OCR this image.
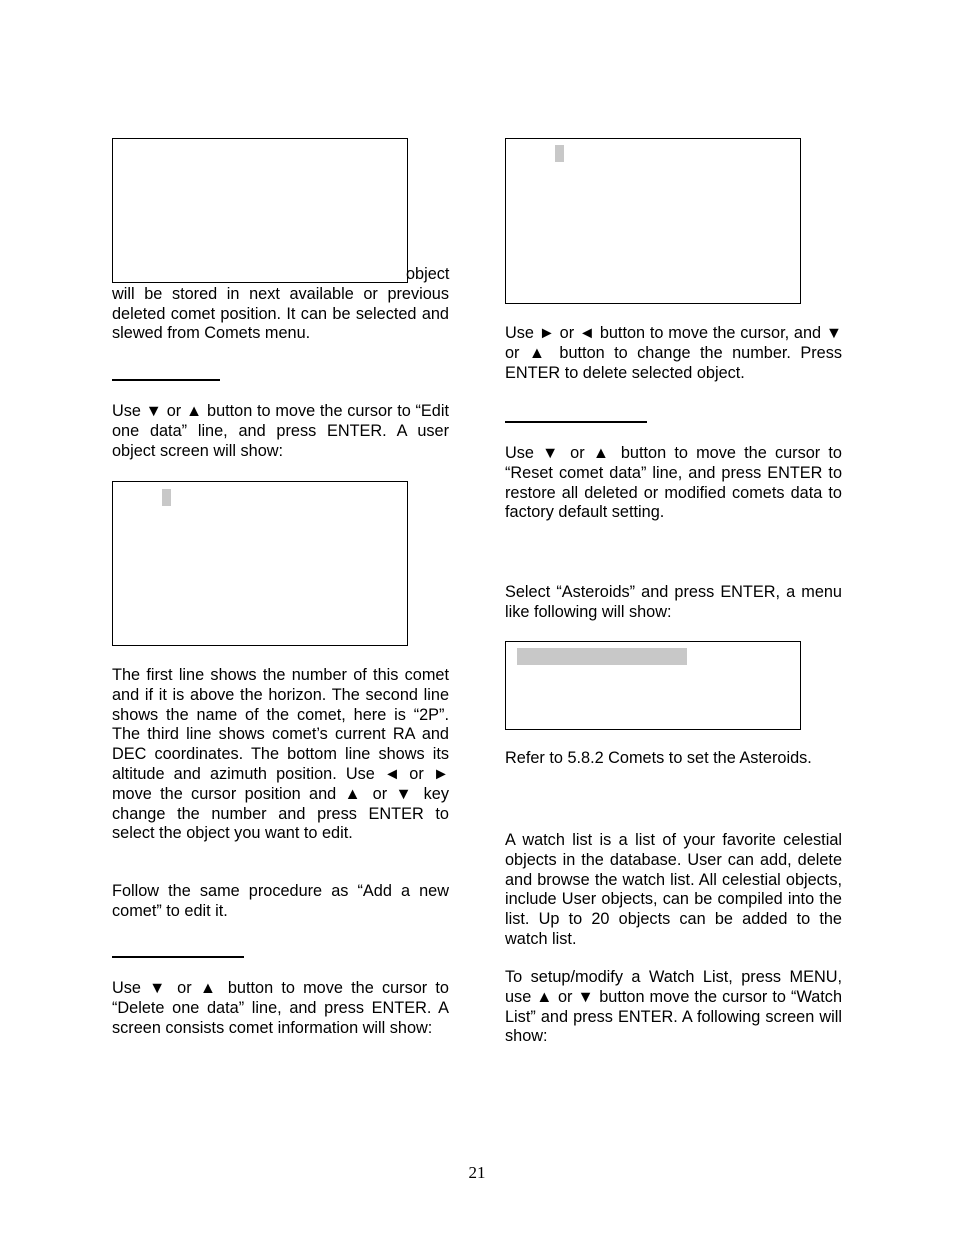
object will be stored in next available or previous deleted comet position. It can be selected and slewed from Comets menu.

Use ▼ or ▲ button to move the cursor to “Edit one data” line, and press ENTER. A user object screen will show:

The first line shows the number of this comet and if it is above the horizon. The second line shows the name of the comet, here is “2P”. The third line shows comet’s current RA and DEC coordinates. The bottom line shows its altitude and azimuth position. Use ◄ or ► move the cursor position and ▲ or ▼ key change the number and press ENTER to select the object you want to edit.

Follow the same procedure as “Add a new comet” to edit it.

Use ▼ or ▲ button to move the cursor to “Delete one data” line, and press ENTER. A screen consists comet information will show:

Use ► or ◄ button to move the cursor, and ▼ or ▲ button to change the number. Press ENTER to delete selected object.

Use ▼ or ▲ button to move the cursor to “Reset comet data” line, and press ENTER to restore all deleted or modified comets data to factory default setting.

Select “Asteroids” and press ENTER, a menu like following will show:

Refer to 5.8.2 Comets to set the Asteroids.

A watch list is a list of your favorite celestial objects in the database. User can add, delete and browse the watch list. All celestial objects, include User objects, can be compiled into the list. Up to 20 objects can be added to the watch list.

To setup/modify a Watch List, press MENU, use ▲ or ▼ button move the cursor to “Watch List” and press ENTER. A following screen will show:

21
